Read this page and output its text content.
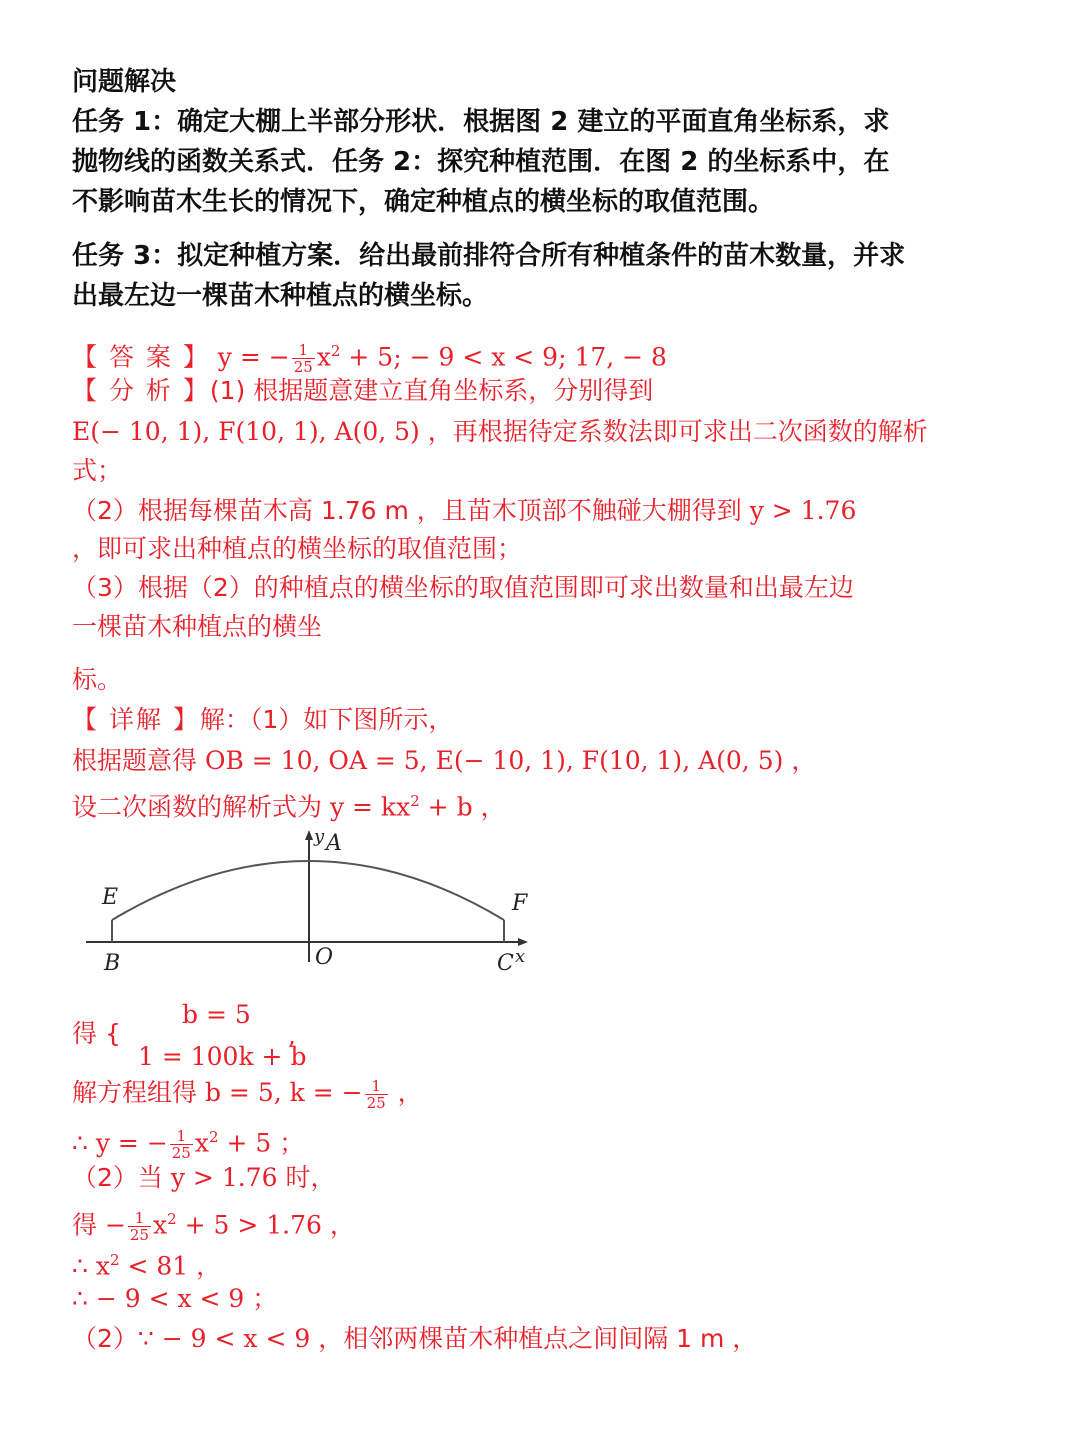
问题解决
任务 1：确定大棚上半部分形状．根据图 2 建立的平面直角坐标系，求
抛物线的函数关系式．任务 2：探究种植范围．在图 2 的坐标系中，在
不影响苗木生长的情况下，确定种植点的横坐标的取值范围。
任务 3：拟定种植方案．给出最前排符合所有种植条件的苗木数量，并求
出最左边一棵苗木种植点的横坐标。
【 答 案 】 y = − $\frac{1}{25} x^2 + 5$; − 9 < x < 9; 17, − 8
【 分 析 】(1) 根据题意建立直角坐标系，分别得到
E(− 10, 1), F(10, 1), A(0, 5) ，再根据待定系数法即可求出二次函数的解析
式；
（2）根据每棵苗木高 1.76 m ，且苗木顶部不触碰大棚得到 y > 1.76
，即可求出种植点的横坐标的取值范围；
（3）根据（2）的种植点的横坐标的取值范围即可求出数量和出最左边
一棵苗木种植点的横坐
标。
【 详解 】解：（1）如下图所示，
根据题意得 OB = 10, OA = 5, E(− 10, 1), F(10, 1), A(0, 5) ，
设二次函数的解析式为 $y = kx^2 + b$ ，
y A
E	F
B	O	C x
得 {
b = 5
,
1 = 100k + b
解方程组得 b = 5, k = − $\frac{1}{25}$ ，
∴ y = − $\frac{1}{25} x^2 + 5$ ；
（2）当 y > 1.76 时，
得 − $\frac{1}{25} x^2 + 5 > 1.76$ ，
∴ $x^2 < 81$ ，
∴ − 9 < x < 9 ；
（2）∵ − 9 < x < 9 ，相邻两棵苗木种植点之间间隔 1 m ，
